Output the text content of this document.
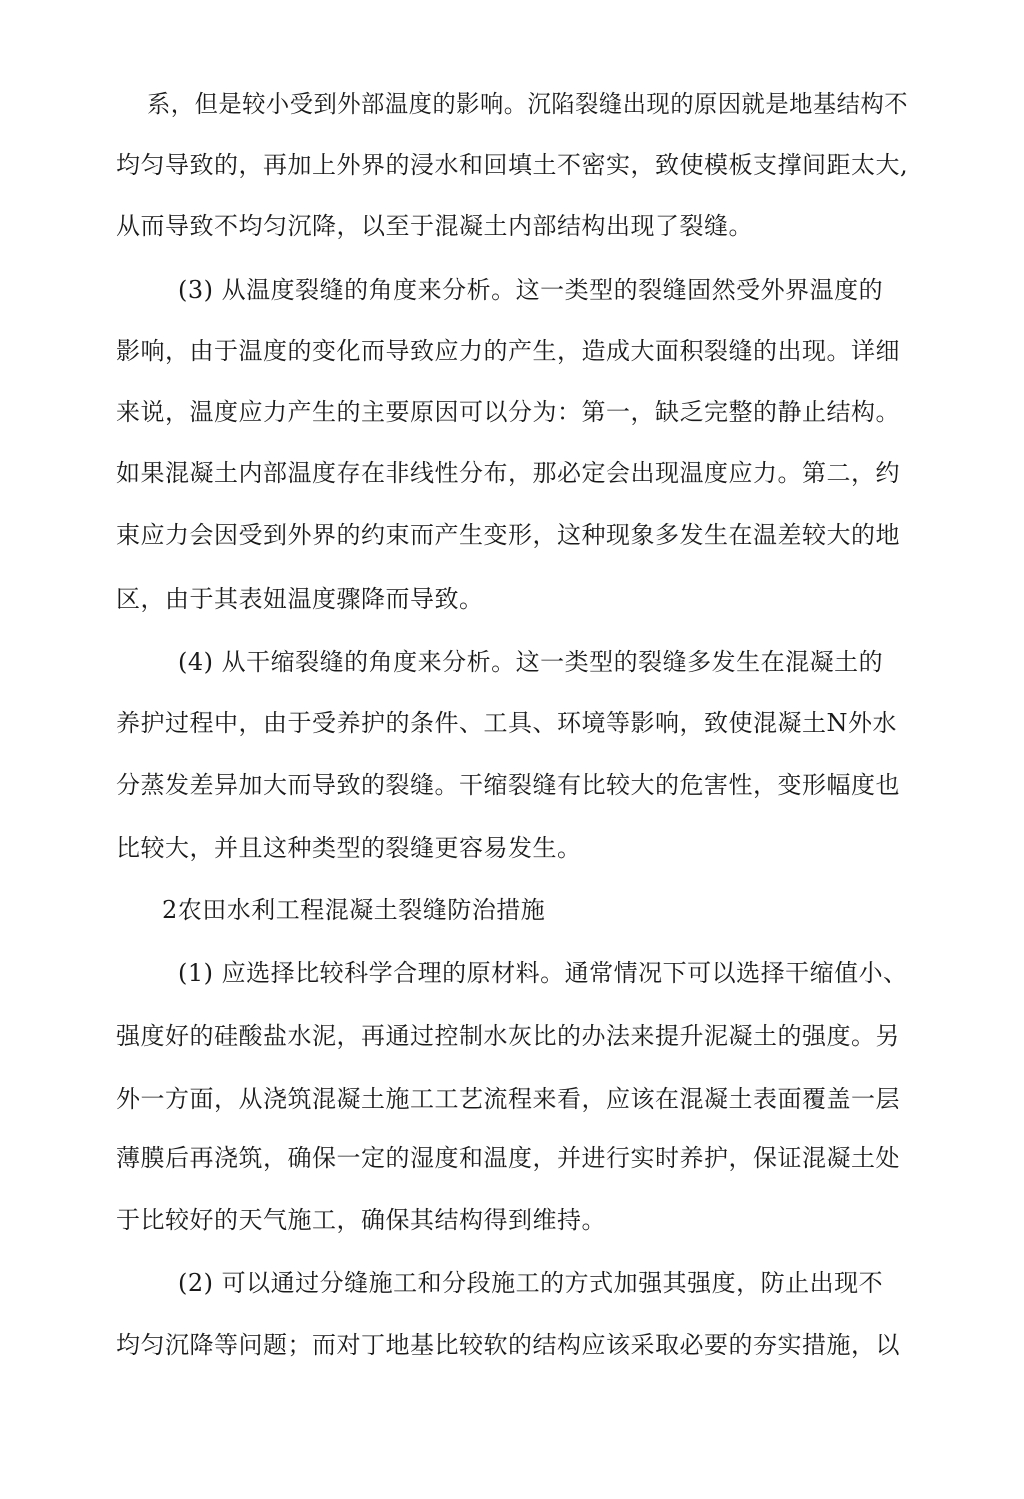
系，但是较小受到外部温度的影响。沉陷裂缝出现的原因就是地基结构不
均匀导致的，再加上外界的浸水和回填土不密实，致使模板支撑间距太大,
从而导致不均匀沉降，以至于混凝土内部结构出现了裂缝。
(3) 从温度裂缝的角度来分析。这一类型的裂缝固然受外界温度的
影响，由于温度的变化而导致应力的产生，造成大面积裂缝的出现。详细
来说，温度应力产生的主要原因可以分为：第一，缺乏完整的静止结构。
如果混凝土内部温度存在非线性分布，那必定会出现温度应力。第二，约
束应力会因受到外界的约束而产生变形，这种现象多发生在温差较大的地
区，由于其表妞温度骤降而导致。
(4) 从干缩裂缝的角度来分析。这一类型的裂缝多发生在混凝土的
养护过程中，由于受养护的条件、工具、环境等影响，致使混凝土N外水
分蒸发差异加大而导致的裂缝。干缩裂缝有比较大的危害性，变形幅度也
比较大，并且这种类型的裂缝更容易发生。
2农田水利工程混凝土裂缝防治措施
(1) 应选择比较科学合理的原材料。通常情况下可以选择干缩值小、
强度好的硅酸盐水泥，再通过控制水灰比的办法来提升泥凝土的强度。另
外一方面，从浇筑混凝土施工工艺流程来看，应该在混凝土表面覆盖一层
薄膜后再浇筑，确保一定的湿度和温度，并进行实时养护，保证混凝土处
于比较好的天气施工，确保其结构得到维持。
(2) 可以通过分缝施工和分段施工的方式加强其强度，防止出现不
均匀沉降等问题；而对丁地基比较软的结构应该采取必要的夯实措施，以
